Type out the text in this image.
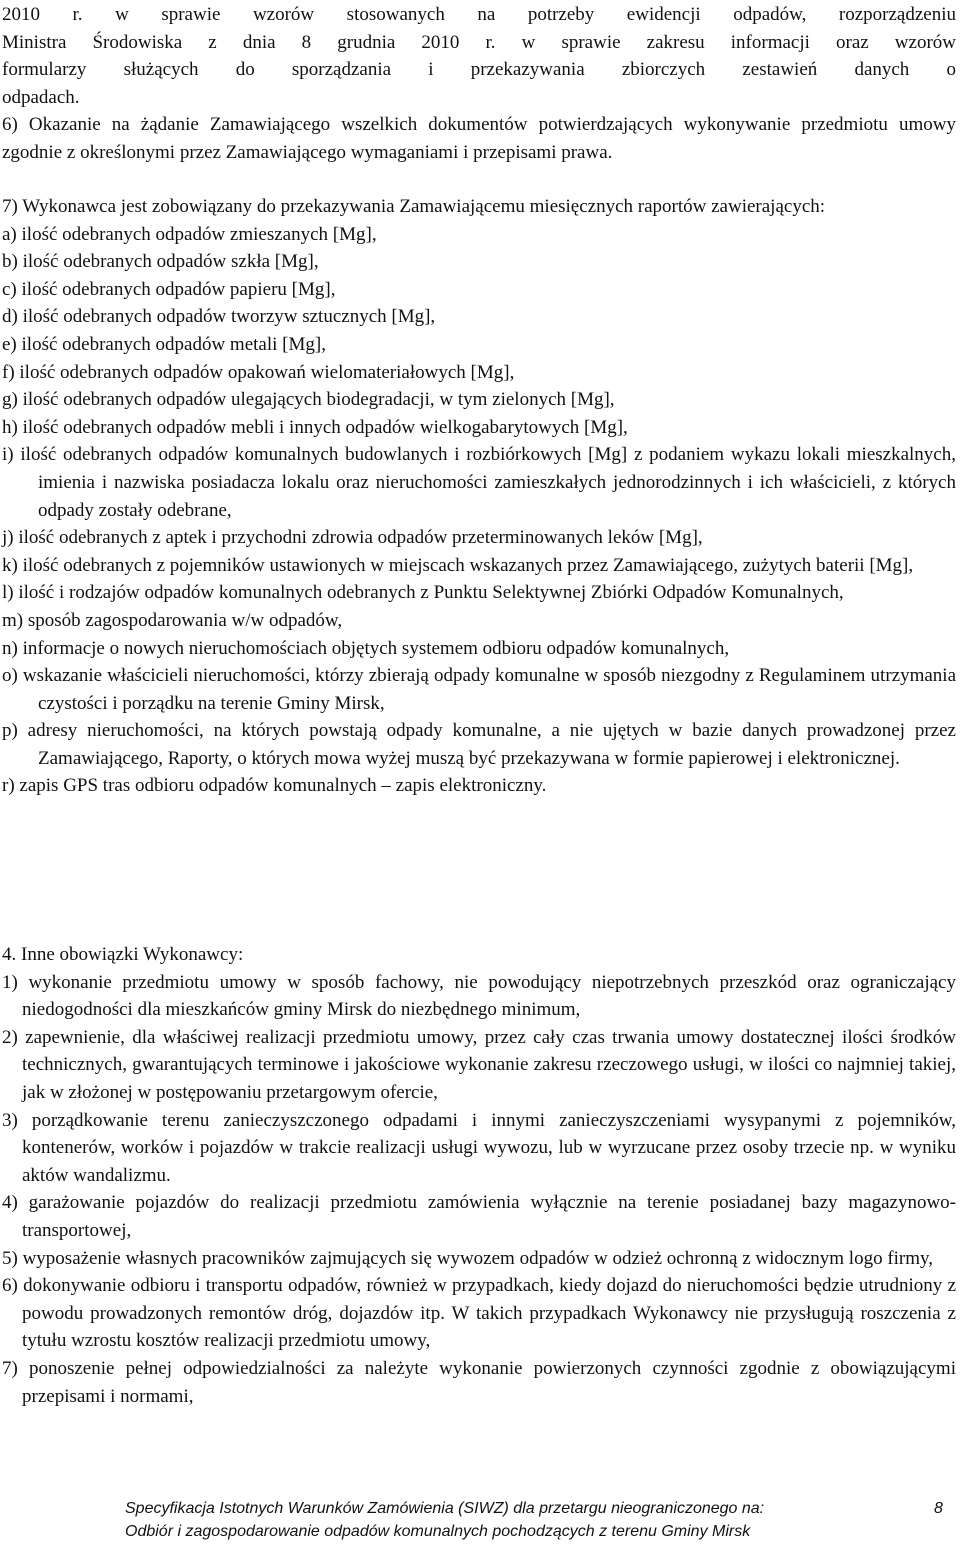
2010 r. w sprawie wzorów stosowanych na potrzeby ewidencji odpadów, rozporządzeniu

Ministra Środowiska z dnia 8 grudnia 2010 r. w sprawie zakresu informacji oraz wzorów

formularzy służących do sporządzania i przekazywania zbiorczych zestawień danych o

odpadach.

6) Okazanie na żądanie Zamawiającego wszelkich dokumentów potwierdzających wykonywanie przedmiotu umowy zgodnie z określonymi przez Zamawiającego wymaganiami i przepisami prawa.

7) Wykonawca jest zobowiązany do przekazywania Zamawiającemu miesięcznych raportów zawierających:

a) ilość odebranych odpadów zmieszanych [Mg],

b) ilość odebranych odpadów szkła [Mg],

c) ilość odebranych odpadów papieru [Mg],

d) ilość odebranych odpadów tworzyw sztucznych [Mg],

e) ilość odebranych odpadów metali [Mg],

f) ilość odebranych odpadów opakowań wielomateriałowych [Mg],

g) ilość odebranych odpadów ulegających biodegradacji, w tym zielonych [Mg],

h) ilość odebranych odpadów mebli i innych odpadów wielkogabarytowych [Mg],

i) ilość odebranych odpadów komunalnych budowlanych i rozbiórkowych [Mg] z podaniem wykazu lokali mieszkalnych, imienia i nazwiska posiadacza lokalu oraz nieruchomości zamieszkałych jednorodzinnych i ich właścicieli, z których odpady zostały odebrane,

j) ilość odebranych z aptek i przychodni zdrowia odpadów przeterminowanych leków [Mg],

k) ilość odebranych z pojemników ustawionych w miejscach wskazanych przez Zamawiającego, zużytych baterii [Mg],

l) ilość i rodzajów odpadów komunalnych odebranych z Punktu Selektywnej Zbiórki Odpadów Komunalnych,

m) sposób zagospodarowania w/w odpadów,

n) informacje o nowych nieruchomościach objętych systemem odbioru odpadów komunalnych,

o) wskazanie właścicieli nieruchomości, którzy zbierają odpady komunalne w sposób niezgodny z Regulaminem utrzymania czystości i porządku na terenie Gminy Mirsk,

p) adresy nieruchomości, na których powstają odpady komunalne, a nie ujętych w bazie danych prowadzonej przez Zamawiającego, Raporty, o których mowa wyżej muszą być przekazywana w formie papierowej i elektronicznej.

r) zapis GPS tras odbioru odpadów komunalnych – zapis elektroniczny.

4. Inne obowiązki Wykonawcy:

1) wykonanie przedmiotu umowy w sposób fachowy, nie powodujący niepotrzebnych przeszkód oraz ograniczający niedogodności dla mieszkańców gminy Mirsk do niezbędnego minimum,

2) zapewnienie, dla właściwej realizacji przedmiotu umowy, przez cały czas trwania umowy dostatecznej ilości środków technicznych, gwarantujących terminowe i jakościowe wykonanie zakresu rzeczowego usługi, w ilości co najmniej takiej, jak w złożonej w postępowaniu przetargowym ofercie,

3) porządkowanie terenu zanieczyszczonego odpadami i innymi zanieczyszczeniami wysypanymi z pojemników, kontenerów, worków i pojazdów w trakcie realizacji usługi wywozu, lub w wyrzucane przez osoby trzecie np. w wyniku aktów wandalizmu.

4) garażowanie pojazdów do realizacji przedmiotu zamówienia wyłącznie na terenie posiadanej bazy magazynowo-transportowej,

5) wyposażenie własnych pracowników zajmujących się wywozem odpadów w odzież ochronną z widocznym logo firmy,

6) dokonywanie odbioru i transportu odpadów, również w przypadkach, kiedy dojazd do nieruchomości będzie utrudniony z powodu prowadzonych remontów dróg, dojazdów itp. W takich przypadkach Wykonawcy nie przysługują roszczenia z tytułu wzrostu kosztów realizacji przedmiotu umowy,

7) ponoszenie pełnej odpowiedzialności za należyte wykonanie powierzonych czynności zgodnie z obowiązującymi przepisami i normami,

Specyfikacja Istotnych Warunków Zamówienia (SIWZ) dla przetargu nieograniczonego na:
Odbiór i zagospodarowanie odpadów komunalnych pochodzących z terenu Gminy Mirsk
8
